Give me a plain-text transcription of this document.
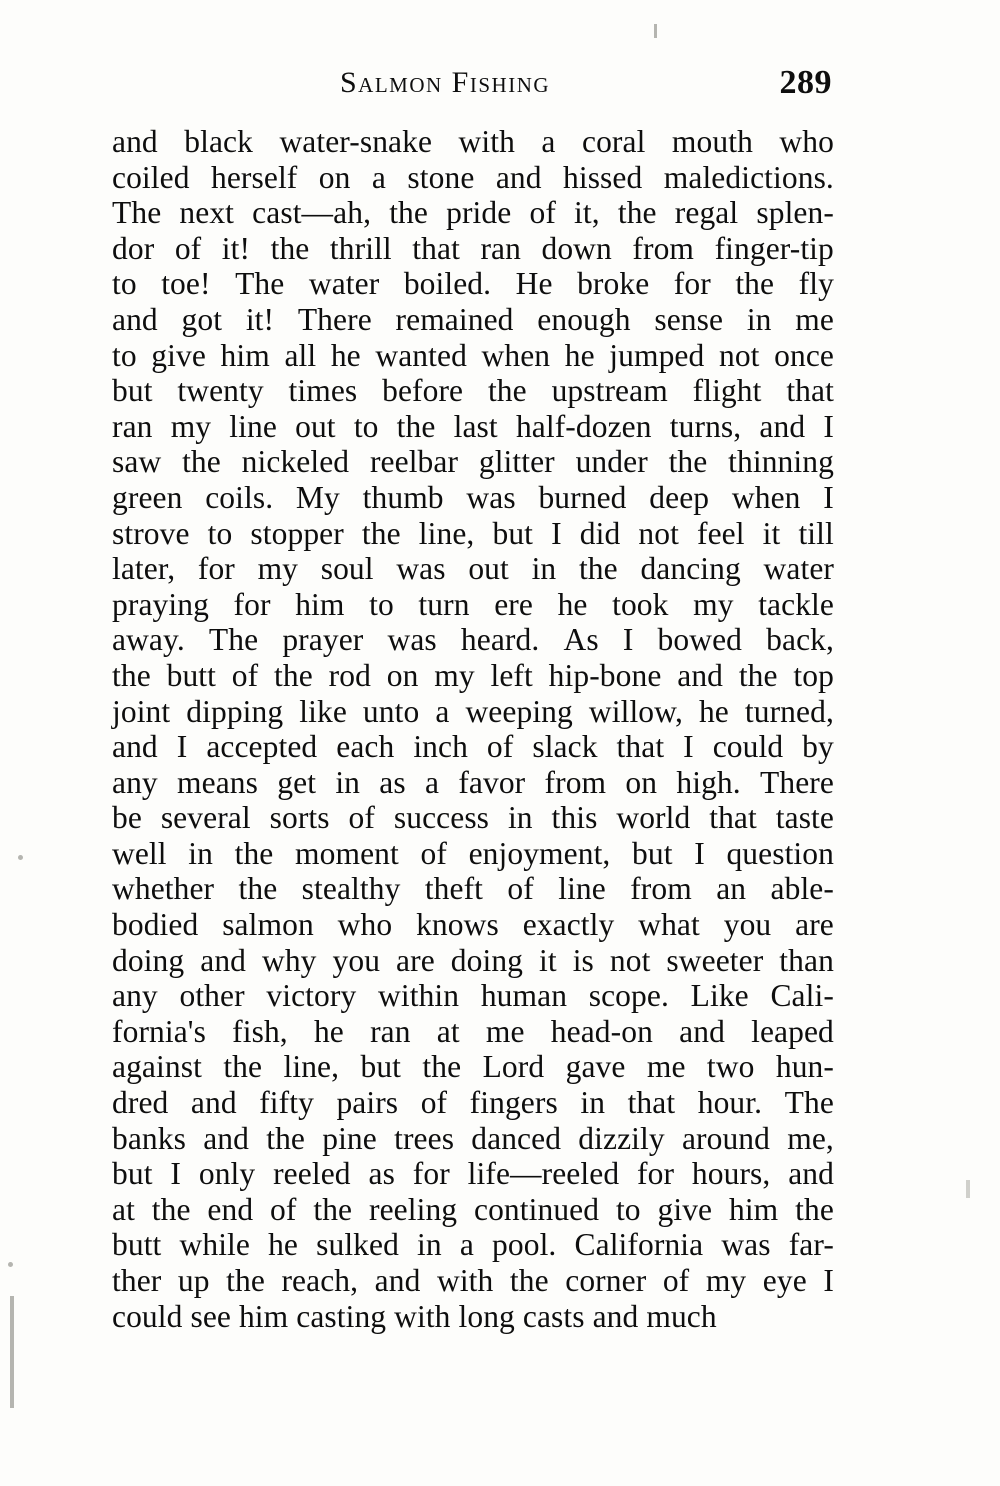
Salmon Fishing	289
and black water-snake with a coral mouth who
coiled herself on a stone and hissed maledictions.
The next cast—ah, the pride of it, the regal splen-
dor of it! the thrill that ran down from finger-tip
to toe! The water boiled. He broke for the fly
and got it! There remained enough sense in me
to give him all he wanted when he jumped not once
but twenty times before the upstream flight that
ran my line out to the last half-dozen turns, and I
saw the nickeled reelbar glitter under the thinning
green coils. My thumb was burned deep when I
strove to stopper the line, but I did not feel it till
later, for my soul was out in the dancing water
praying for him to turn ere he took my tackle
away. The prayer was heard. As I bowed back,
the butt of the rod on my left hip-bone and the top
joint dipping like unto a weeping willow, he turned,
and I accepted each inch of slack that I could by
any means get in as a favor from on high. There
be several sorts of success in this world that taste
well in the moment of enjoyment, but I question
whether the stealthy theft of line from an able-
bodied salmon who knows exactly what you are
doing and why you are doing it is not sweeter than
any other victory within human scope. Like Cali-
fornia's fish, he ran at me head-on and leaped
against the line, but the Lord gave me two hun-
dred and fifty pairs of fingers in that hour. The
banks and the pine trees danced dizzily around me,
but I only reeled as for life—reeled for hours, and
at the end of the reeling continued to give him the
butt while he sulked in a pool. California was far-
ther up the reach, and with the corner of my eye I
could see him casting with long casts and much
